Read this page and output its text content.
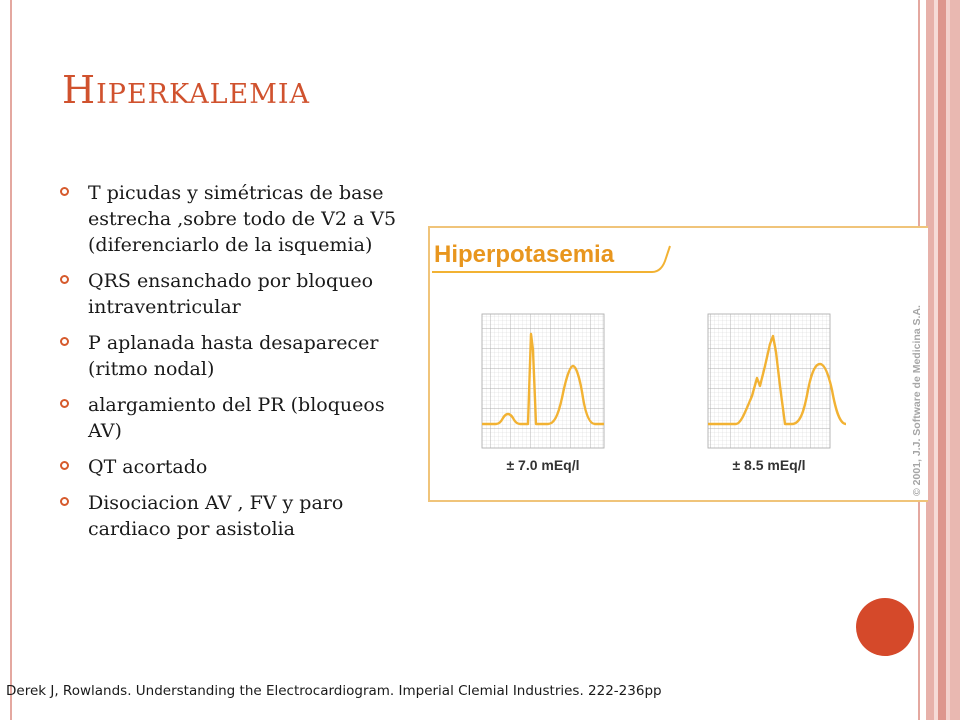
Hiperkalemia
T picudas y simétricas de base estrecha ,sobre todo de V2 a V5 (diferenciarlo de la isquemia)
QRS ensanchado por bloqueo intraventricular
P aplanada hasta desaparecer (ritmo nodal)
alargamiento del PR (bloqueos AV)
QT acortado
Disociacion AV , FV y paro cardiaco por asistolia
Hiperpotasemia
± 7.0 mEq/l	± 8.5 mEq/l	© 2001, J.J. Software de Medicina S.A.
Derek J, Rowlands. Understanding the Electrocardiogram. Imperial Clemial Industries. 222-236pp
